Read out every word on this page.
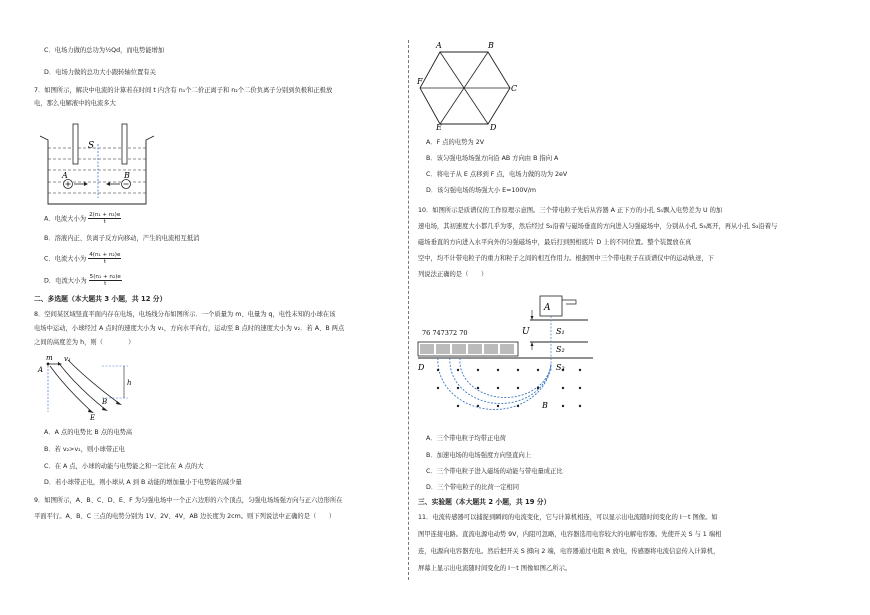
C．电场力做的总功为½Qd，而电势能增加
D．电场力做的总功大小跟转轴位置有关
7．如图所示，解决中电流的计算若在时间 t 内含有 n₁个二价正离子和 n₂个二价负离子分别到负极和正极放
电，那么电解液中的电流多大
S
A	B
A．电流大小为 $\frac{\text{2(n₁ + n₂)e}}{t}$
B．溶液内正、负离子反方向移动，产生的电流相互抵消
C．电流大小为 $\frac{\text{4(n₁ + n₂)e}}{t}$
D．电流大小为 $\frac{\text{5(n₁ + n₂)e}}{t}$
二、多选题（本大题共 3 小题，共 12 分）
8．空间某区域竖直平面内存在电场，电场线分布如图所示．一个质量为 m、电量为 q，电性未知的小球在该
电场中运动，小球经过 A 点时的速度大小为 v₁，方向水平向右，运动至 B 点时的速度大小为 v₂．若 A、B 两点
之间的高度差为 h，则（　　　　）
m v₁
A
B
h
E
A．A 点的电势比 B 点的电势高
B．若 v₂>v₁，则小球带正电
C．在 A 点，小球的动能与电势能之和一定比在 A 点的大
D．若小球带正电，则小球从 A 到 B 动能的增加量小于电势能的减少量
9．如图所示，A、B、C、D、E、F 为匀强电场中一个正六边形的六个顶点，匀强电场场强方向与正六边形所在
平面平行。A、B、C 三点的电势分别为 1V、2V、4V，AB 边长度为 2cm。则下列说法中正确的是（　　）
A	B
C
D
E
F
A．F 点的电势为 2V
B．该匀强电场场强方向沿 AB 方向由 B 指向 A
C．将电子从 E 点移到 F 点，电场力做的功为 2eV
D．该匀强电场的场强大小 E=100V/m
10．如图所示是质谱仪的工作原理示意图。三个带电粒子先后从容器 A 正下方的小孔 S₁飘入电势差为 U 的加
速电场，其初速度大小都几乎为零，然后经过 S₃沿着与磁场垂直的方向进入匀强磁场中，分别从小孔 S₃离开，再从小孔 S₃沿着与
磁场垂直的方向进入水平向外的匀强磁场中，最后打到照相底片 D 上的不同位置。整个装置放在真
空中，均不计带电粒子的重力和粒子之间的相互作用力。根据图中三个带电粒子在质谱仪中的运动轨迹，下
列说法正确的是（　　）
76 747372 70
A
U	S₁
S₂
S₃
D
B
A．三个带电粒子均带正电荷
B．加速电场的电场强度方向竖直向上
C．三个带电粒子进入磁场的动能与带电量成正比
D．三个带电粒子的比荷一定相同
三、实验题（本大题共 2 小题，共 19 分）
11．电流传感器可以捕捉到瞬间的电流变化，它与计算机相连，可以显示出电流随时间变化的 I－t 图像。如
图甲连接电路。直流电源电动势 9V，内阻可忽略，电容器选用电容较大的电解电容器。先使开关 S 与 1 端相
连，电源向电容器充电。然后把开关 S 掷向 2 端，电容器通过电阻 R 放电，传感器将电流信息传入计算机，
屏幕上显示出电流随时间变化的 I－t 图像如图乙所示。
